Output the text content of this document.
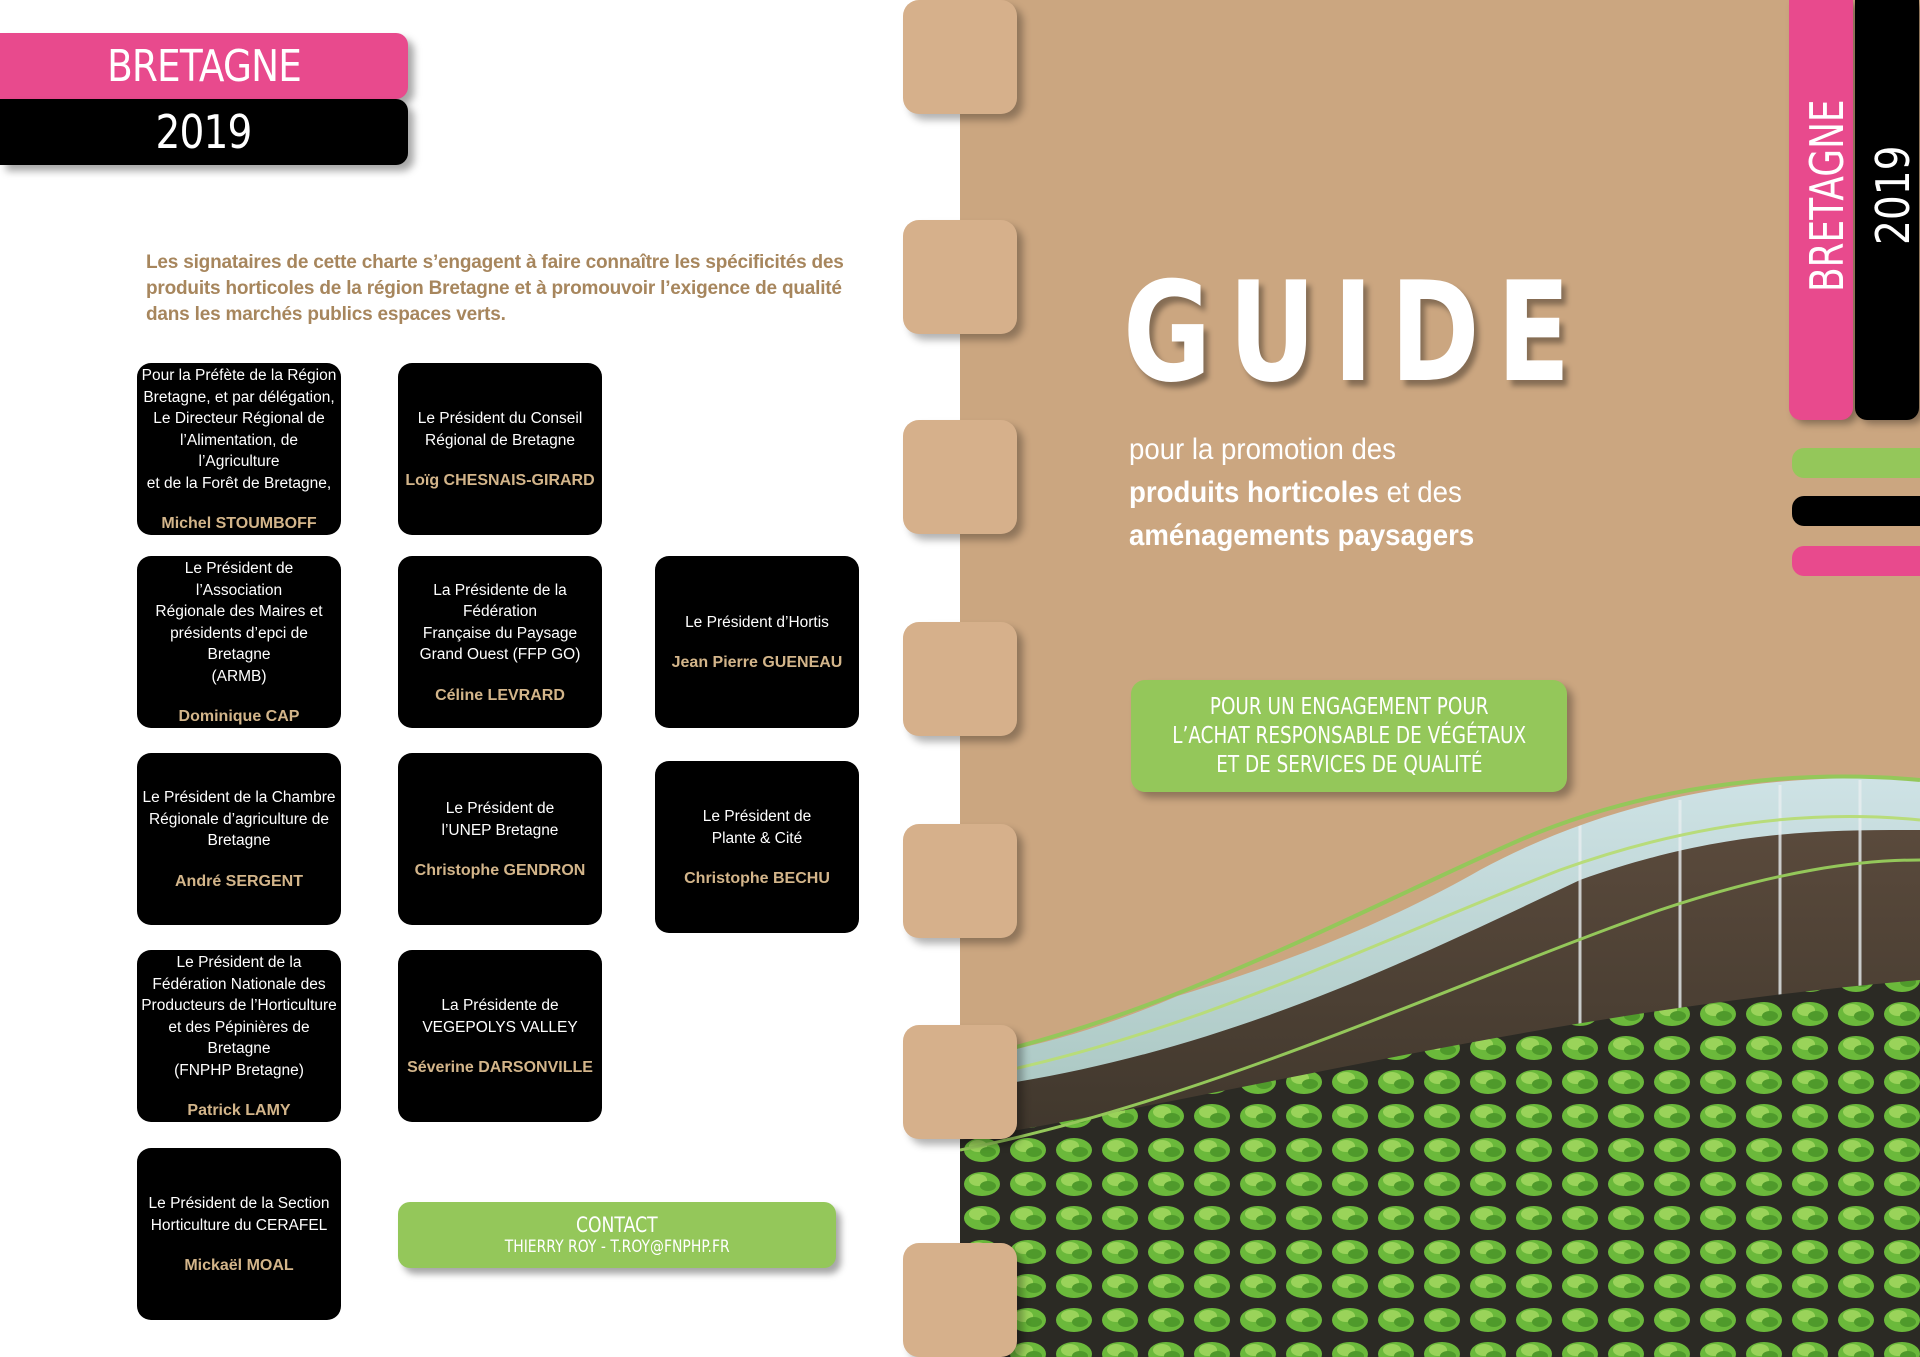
BRETAGNE
2019
Les signataires de cette charte s’engagent à faire connaître les spécificités des produits horticoles de la région Bretagne et à promouvoir l’exigence de qualité dans les marchés publics espaces verts.
Pour la Préfète de la Région
Bretagne, et par délégation,
Le Directeur Régional de
l’Alimentation, de l’Agriculture
et de la Forêt de Bretagne,
Michel STOUMBOFF
Le Président du Conseil
Régional de Bretagne
Loïg CHESNAIS-GIRARD
Le Président de l’Association
Régionale des Maires et
présidents d’epci de Bretagne
(ARMB)
Dominique CAP
La Présidente de la Fédération
Française du Paysage
Grand Ouest (FFP GO)
Céline LEVRARD
Le Président d’Hortis
Jean Pierre GUENEAU
Le Président de la Chambre
Régionale d’agriculture de
Bretagne
André SERGENT
Le Président de
l’UNEP Bretagne
Christophe GENDRON
Le Président de
Plante & Cité
Christophe BECHU
Le Président de la
Fédération Nationale des
Producteurs de l’Horticulture
et des Pépinières de Bretagne
(FNPHP Bretagne)
Patrick LAMY
La Présidente de
VEGEPOLYS VALLEY
Séverine DARSONVILLE
Le Président de la Section
Horticulture du CERAFEL
Mickaël MOAL
CONTACT
THIERRY ROY - T.ROY@FNPHP.FR
GUIDE
pour la promotion des
produits horticoles et des
aménagements paysagers
POUR UN ENGAGEMENT POUR
L’ACHAT RESPONSABLE DE VÉGÉTAUX
ET DE SERVICES DE QUALITÉ
BRETAGNE 2019
